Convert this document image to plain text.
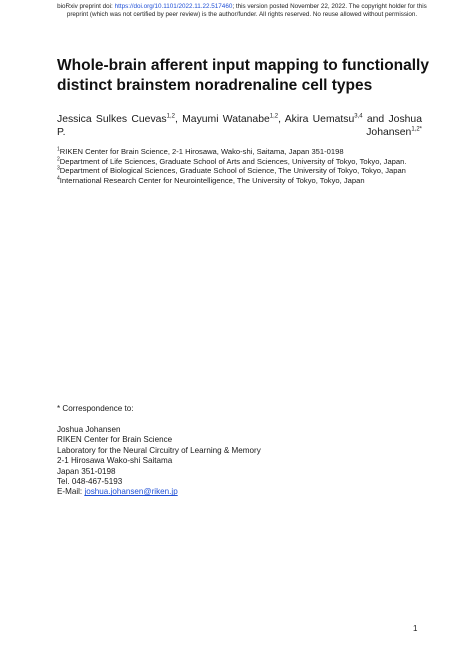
bioRxiv preprint doi: https://doi.org/10.1101/2022.11.22.517460; this version posted November 22, 2022. The copyright holder for this
preprint (which was not certified by peer review) is the author/funder. All rights reserved. No reuse allowed without permission.
Whole-brain afferent input mapping to functionally distinct brainstem noradrenaline cell types
Jessica Sulkes Cuevas$^{1,2}$, Mayumi Watanabe$^{1,2}$, Akira Uematsu$^{3,4}$ and Joshua P. Johansen$^{1,2*}$

$^1$RIKEN Center for Brain Science, 2-1 Hirosawa, Wako-shi, Saitama, Japan 351-0198

$^2$Department of Life Sciences, Graduate School of Arts and Sciences, University of Tokyo, Tokyo, Japan.

$^3$Department of Biological Sciences, Graduate School of Science, The University of Tokyo, Tokyo, Japan

$^4$International Research Center for Neurointelligence, The University of Tokyo, Tokyo, Japan

* Correspondence to:
Joshua Johansen
RIKEN Center for Brain Science
Laboratory for the Neural Circuitry of Learning & Memory
2-1 Hirosawa Wako-shi Saitama
Japan 351-0198
Tel. 048-467-5193
E-Mail: joshua.johansen@riken.jp
1
